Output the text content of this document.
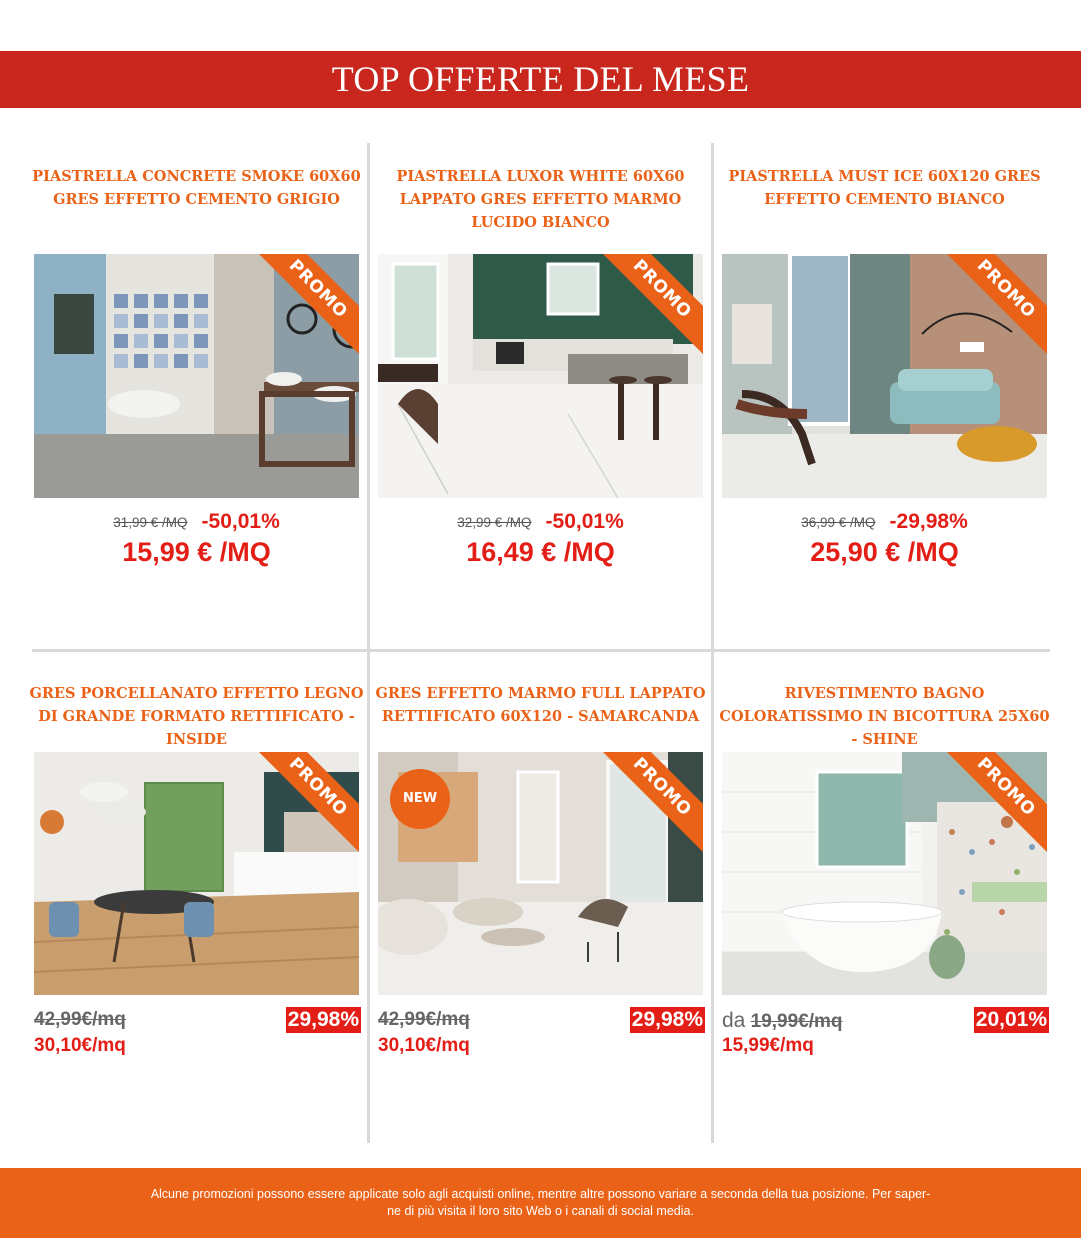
TOP OFFERTE DEL MESE
PIASTRELLA CONCRETE SMOKE 60X60 GRES EFFETTO CEMENTO GRIGIO
PROMO
31,99 € /MQ -50,01%
15,99 € /MQ
PIASTRELLA LUXOR WHITE 60X60 LAPPATO GRES EFFETTO MARMO LUCIDO BIANCO
PROMO
32,99 € /MQ -50,01%
16,49 € /MQ
PIASTRELLA MUST ICE 60X120 GRES EFFETTO CEMENTO BIANCO
PROMO
36,99 € /MQ -29,98%
25,90 € /MQ
GRES PORCELLANATO EFFETTO LEGNO DI GRANDE FORMATO RETTIFICATO - INSIDE
PROMO
42,99€/mq	29,98%
30,10€/mq
GRES EFFETTO MARMO FULL LAPPATO RETTIFICATO 60X120 - SAMARCANDA
NEW	PROMO
42,99€/mq	29,98%
30,10€/mq
RIVESTIMENTO BAGNO COLORATISSIMO IN BICOTTURA 25X60 - SHINE
PROMO
da 19,99€/mq	20,01%
15,99€/mq
Alcune promozioni possono essere applicate solo agli acquisti online, mentre altre possono variare a seconda della tua posizione. Per saper-
ne di più visita il loro sito Web o i canali di social media.
